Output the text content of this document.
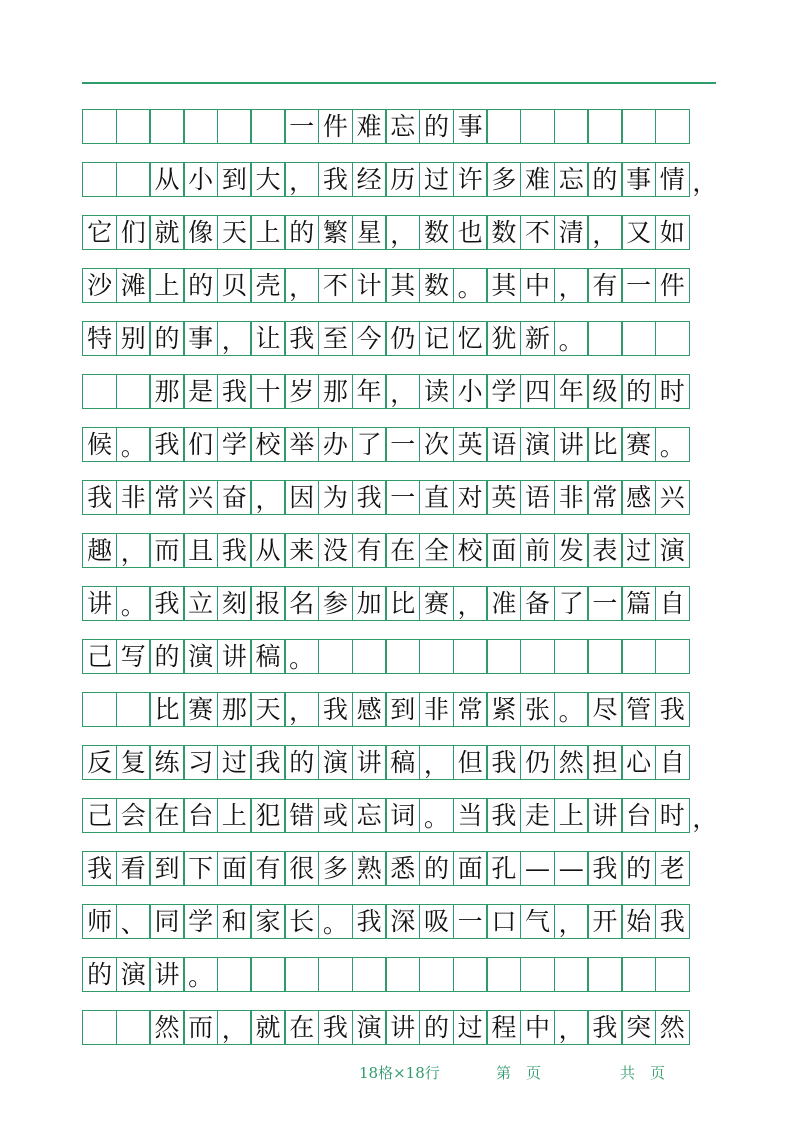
一 件 难 忘 的 事
从 小 到 大 ， 我 经 历 过 许 多 难 忘 的 事 情 ，
它 们 就 像 天 上 的 繁 星 ， 数 也 数 不 清 ， 又 如
沙 滩 上 的 贝 壳 ， 不 计 其 数 。 其 中 ， 有 一 件
特 别 的 事 ， 让 我 至 今 仍 记 忆 犹 新 。
那 是 我 十 岁 那 年 ， 读 小 学 四 年 级 的 时
候 。 我 们 学 校 举 办 了 一 次 英 语 演 讲 比 赛 。
我 非 常 兴 奋 ， 因 为 我 一 直 对 英 语 非 常 感 兴
趣 ， 而 且 我 从 来 没 有 在 全 校 面 前 发 表 过 演
讲 。 我 立 刻 报 名 参 加 比 赛 ， 准 备 了 一 篇 自
己 写 的 演 讲 稿 。
比 赛 那 天 ， 我 感 到 非 常 紧 张 。 尽 管 我
反 复 练 习 过 我 的 演 讲 稿 ， 但 我 仍 然 担 心 自
己 会 在 台 上 犯 错 或 忘 词 。 当 我 走 上 讲 台 时 ，
我 看 到 下 面 有 很 多 熟 悉 的 面 孔 — — 我 的 老
师 、 同 学 和 家 长 。 我 深 吸 一 口 气 ， 开 始 我
的 演 讲 。
然 而 ， 就 在 我 演 讲 的 过 程 中 ， 我 突 然
18格×18行	第　页	共　页
